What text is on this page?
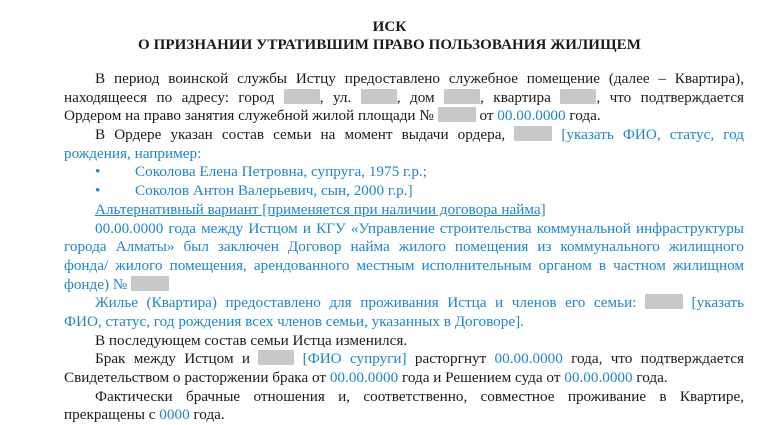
ИСК
О ПРИЗНАНИИ УТРАТИВШИМ ПРАВО ПОЛЬЗОВАНИЯ ЖИЛИЩЕМ
В период воинской службы Истцу предоставлено служебное помещение (далее – Квартира),
находящееся по адресу: город	, ул.	, дом	, квартира	, что подтверждается
Ордером на право занятия служебной жилой площади №	от 00.00.0000 года.
В Ордере указан состав семьи на момент выдачи ордера,	[указать ФИО, статус, год
рождения, например:
• Соколова Елена Петровна, супруга, 1975 г.р.;
• Соколов Антон Валерьевич, сын, 2000 г.р.]
Альтернативный вариант [применяется при наличии договора найма]
00.00.0000 года между Истцом и КГУ «Управление строительства коммунальной инфраструктуры
города Алматы» был заключен Договор найма жилого помещения из коммунального жилищного
фонда/ жилого помещения, арендованного местным исполнительным органом в частном жилищном
фонде) №
Жилье (Квартира) предоставлено для проживания Истца и членов его семьи:	[указать
ФИО, статус, год рождения всех членов семьи, указанных в Договоре].
В последующем состав семьи Истца изменился.
Брак между Истцом и	[ФИО супруги] расторгнут 00.00.0000 года, что подтверждается
Свидетельством о расторжении брака от 00.00.0000 года и Решением суда от 00.00.0000 года.
Фактически брачные отношения и, соответственно, совместное проживание в Квартире,
прекращены с 0000 года.
